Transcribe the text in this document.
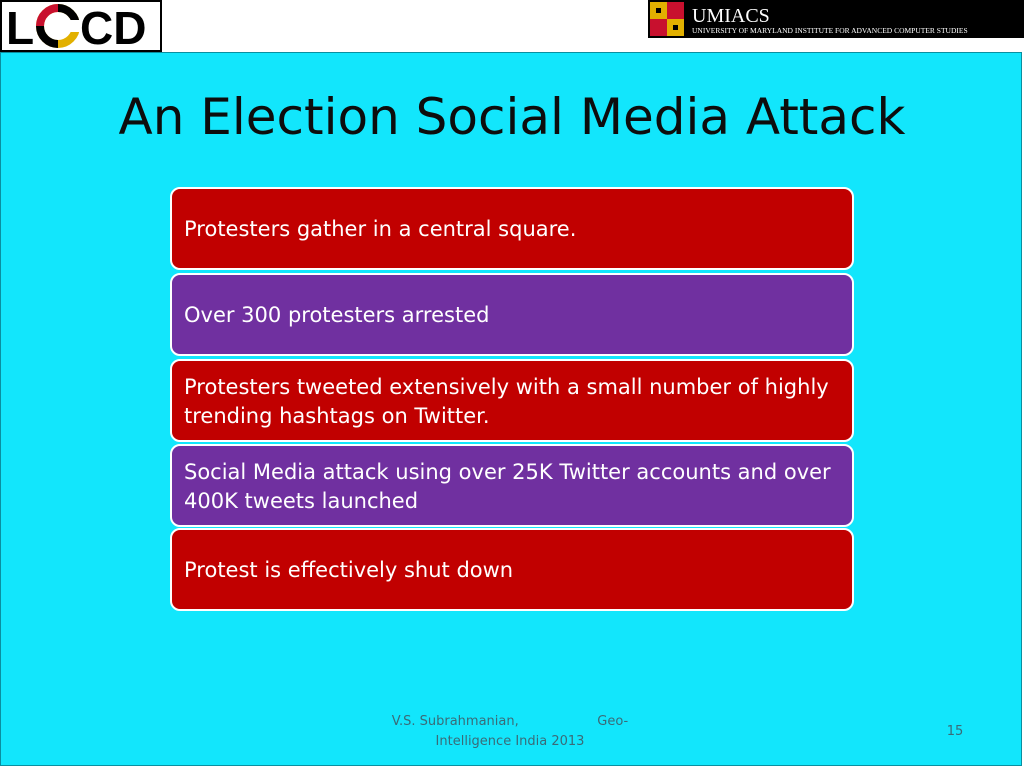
L CD	UMIACS
UNIVERSITY OF MARYLAND INSTITUTE FOR ADVANCED COMPUTER STUDIES
An Election Social Media Attack
Protesters gather in a central square.
Over 300 protesters arrested
Protesters tweeted extensively with a small number of highly trending hashtags on Twitter.
Social Media attack using over 25K Twitter accounts and over 400K tweets launched
Protest is effectively shut down
V.S. Subrahmanian,                   Geo-
Intelligence India 2013
15
